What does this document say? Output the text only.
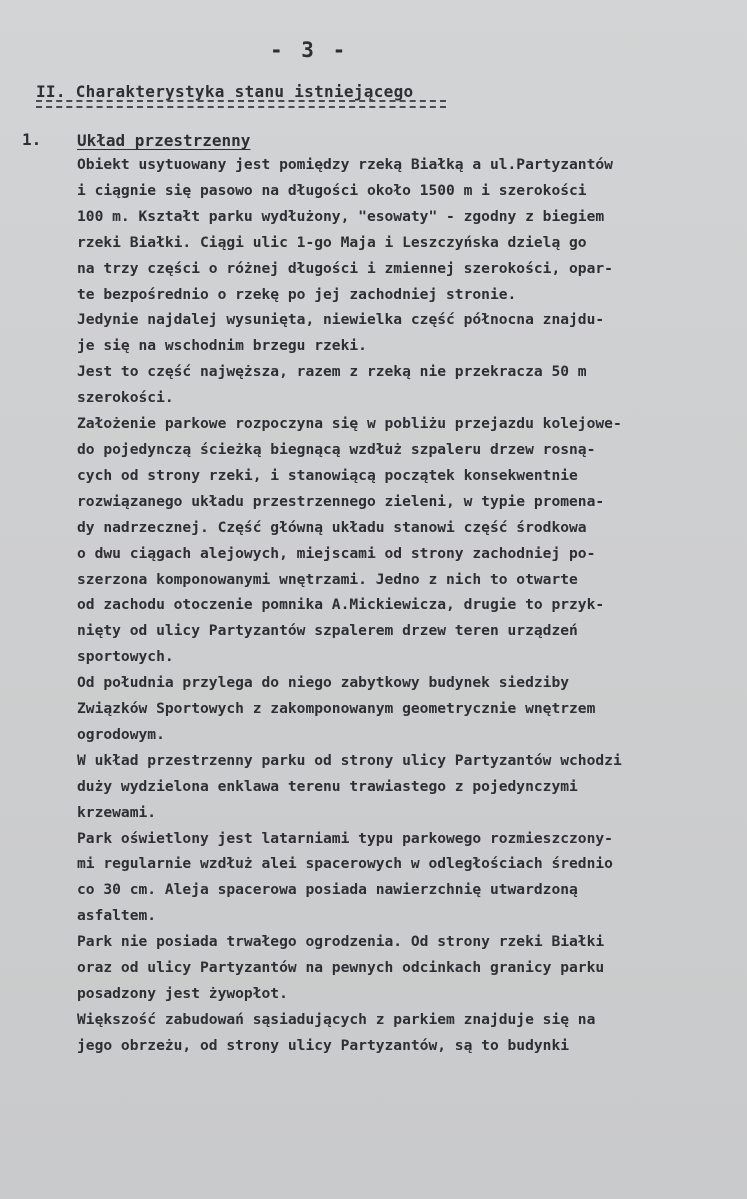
- 3 -
II. Charakterystyka stanu istniejącego
1. Układ przestrzenny
Obiekt usytuowany jest pomiędzy rzeką Białką a ul.Partyzantów
i ciągnie się pasowo na długości około 1500 m i szerokości
100 m. Kształt parku wydłużony, "esowaty" - zgodny z biegiem
rzeki Białki. Ciągi ulic 1-go Maja i Leszczyńska dzielą go
na trzy części o różnej długości i zmiennej szerokości, opar-
te bezpośrednio o rzekę po jej zachodniej stronie.
Jedynie najdalej wysunięta, niewielka część północna znajdu-
je się na wschodnim brzegu rzeki.
Jest to część najwęższa, razem z rzeką nie przekracza 50 m
szerokości.
Założenie parkowe rozpoczyna się w pobliżu przejazdu kolejowe-
do pojedynczą ścieżką biegnącą wzdłuż szpaleru drzew rosną-
cych od strony rzeki, i stanowiącą początek konsekwentnie
rozwiązanego układu przestrzennego zieleni, w typie promena-
dy nadrzecznej. Część główną układu stanowi część środkowa
o dwu ciągach alejowych, miejscami od strony zachodniej po-
szerzona komponowanymi wnętrzami. Jedno z nich to otwarte
od zachodu otoczenie pomnika A.Mickiewicza, drugie to przyk-
nięty od ulicy Partyzantów szpalerem drzew teren urządzeń
sportowych.
Od południa przylega do niego zabytkowy budynek siedziby
Związków Sportowych z zakomponowanym geometrycznie wnętrzem
ogrodowym.
W układ przestrzenny parku od strony ulicy Partyzantów wchodzi
duży wydzielona enklawa terenu trawiastego z pojedynczymi
krzewami.
Park oświetlony jest latarniami typu parkowego rozmieszczony-
mi regularnie wzdłuż alei spacerowych w odległościach średnio
co 30 cm. Aleja spacerowa posiada nawierzchnię utwardzoną
asfaltem.
Park nie posiada trwałego ogrodzenia. Od strony rzeki Białki
oraz od ulicy Partyzantów na pewnych odcinkach granicy parku
posadzony jest żywopłot.
Większość zabudowań sąsiadujących z parkiem znajduje się na
jego obrzeżu, od strony ulicy Partyzantów, są to budynki
